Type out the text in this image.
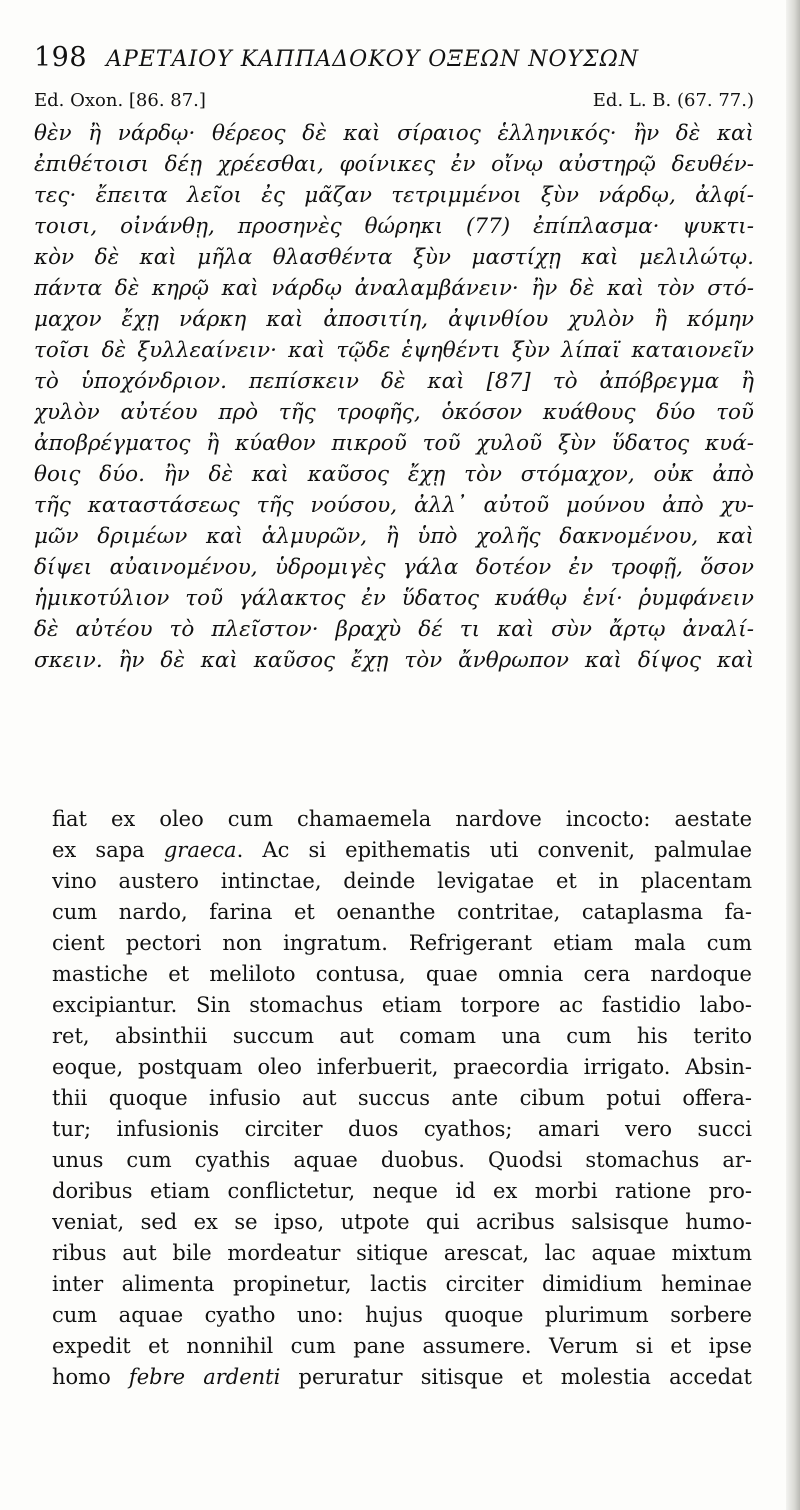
198 ΑΡΕΤΑΙΟΥ ΚΑΠΠΑΔΟΚΟΥ ΟΞΕΩΝ ΝΟΥΣΩΝ
Ed. Oxon. [86. 87.]	Ed. L. B. (67. 77.)
θὲν ἢ νάρδῳ· θέρεος δὲ καὶ σίραιος ἑλληνικός· ἢν δὲ καὶ
ἐπιθέτοισι δέῃ χρέεσθαι, φοίνικες ἐν οἴνῳ αὐστηρῷ δευθέν-
τες· ἔπειτα λεῖοι ἐς μᾶζαν τετριμμένοι ξὺν νάρδῳ, ἀλφί-
τοισι, οἰνάνθῃ, προσηνὲς θώρηκι (77) ἐπίπλασμα· ψυκτι-
κὸν δὲ καὶ μῆλα θλασθέντα ξὺν μαστίχῃ καὶ μελιλώτῳ.
πάντα δὲ κηρῷ καὶ νάρδῳ ἀναλαμβάνειν· ἢν δὲ καὶ τὸν στό-
μαχον ἔχῃ νάρκη καὶ ἀποσιτίη, ἀψινθίου χυλὸν ἢ κόμην
τοῖσι δὲ ξυλλεαίνειν· καὶ τῷδε ἑψηθέντι ξὺν λίπαϊ καταιονεῖν
τὸ ὑποχόνδριον. πεπίσκειν δὲ καὶ [87] τὸ ἀπόβρεγμα ἢ
χυλὸν αὐτέου πρὸ τῆς τροφῆς, ὁκόσον κυάθους δύο τοῦ
ἀποβρέγματος ἢ κύαθον πικροῦ τοῦ χυλοῦ ξὺν ὕδατος κυά-
θοις δύο. ἢν δὲ καὶ καῦσος ἔχῃ τὸν στόμαχον, οὐκ ἀπὸ
τῆς καταστάσεως τῆς νούσου, ἀλλ᾽ αὐτοῦ μούνου ἀπὸ χυ-
μῶν δριμέων καὶ ἁλμυρῶν, ἢ ὑπὸ χολῆς δακνομένου, καὶ
δίψει αὐαινομένου, ὑδρομιγὲς γάλα δοτέον ἐν τροφῇ, ὅσον
ἡμικοτύλιον τοῦ γάλακτος ἐν ὕδατος κυάθῳ ἑνί· ῥυμφάνειν
δὲ αὐτέου τὸ πλεῖστον· βραχὺ δέ τι καὶ σὺν ἄρτῳ ἀναλί-
σκειν. ἢν δὲ καὶ καῦσος ἔχῃ τὸν ἄνθρωπον καὶ δίψος καὶ
fiat ex oleo cum chamaemela nardove incocto: aestate
ex sapa graeca. Ac si epithematis uti convenit, palmulae
vino austero intinctae, deinde levigatae et in placentam
cum nardo, farina et oenanthe contritae, cataplasma fa-
cient pectori non ingratum. Refrigerant etiam mala cum
mastiche et meliloto contusa, quae omnia cera nardoque
excipiantur. Sin stomachus etiam torpore ac fastidio labo-
ret, absinthii succum aut comam una cum his terito
eoque, postquam oleo inferbuerit, praecordia irrigato. Absin-
thii quoque infusio aut succus ante cibum potui offera-
tur; infusionis circiter duos cyathos; amari vero succi
unus cum cyathis aquae duobus. Quodsi stomachus ar-
doribus etiam conflictetur, neque id ex morbi ratione pro-
veniat, sed ex se ipso, utpote qui acribus salsisque humo-
ribus aut bile mordeatur sitique arescat, lac aquae mixtum
inter alimenta propinetur, lactis circiter dimidium heminae
cum aquae cyatho uno: hujus quoque plurimum sorbere
expedit et nonnihil cum pane assumere. Verum si et ipse
homo febre ardenti peruratur sitisque et molestia accedat
